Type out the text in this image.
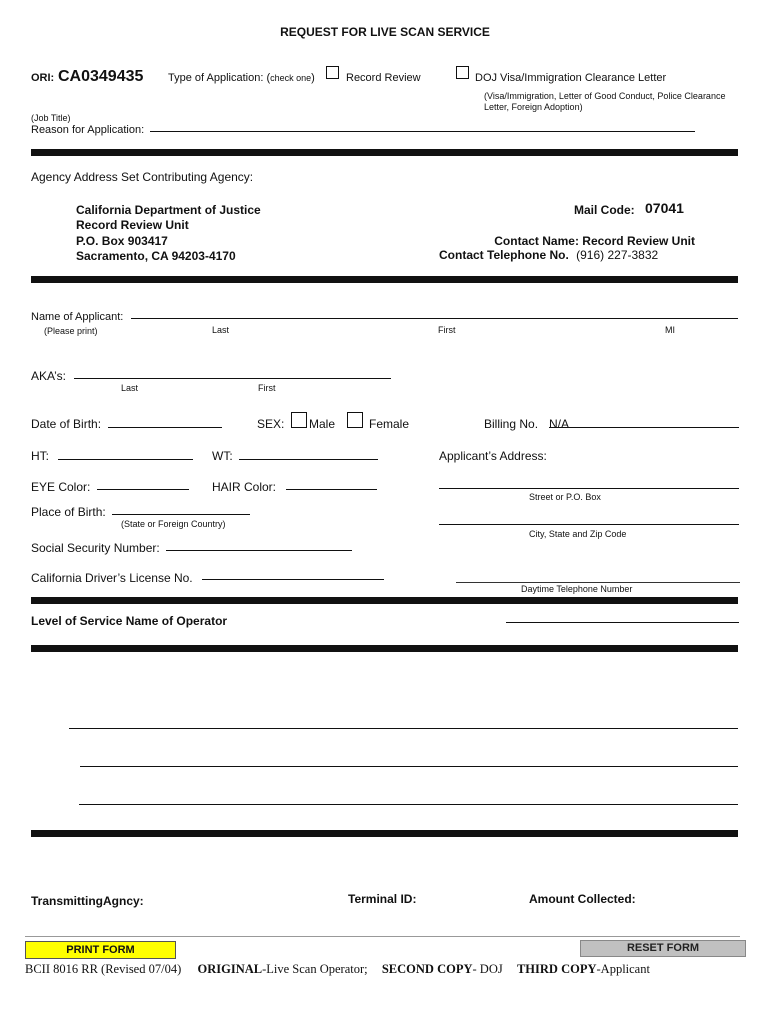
REQUEST FOR LIVE SCAN SERVICE
ORI: CA0349435 Type of Application: (check one)	Record Review	DOJ Visa/Immigration Clearance Letter
(Visa/Immigration, Letter of Good Conduct, Police Clearance
Letter, Foreign Adoption)
(Job Title)
Reason for Application:
Agency Address Set Contributing Agency:
California Department of Justice
Record Review Unit
P.O. Box 903417
Sacramento, CA 94203-4170
Mail Code: 07041
Contact Name: Record Review Unit
Contact Telephone No. (916) 227-3832
Name of Applicant:
(Please print)	Last	First	MI
AKA’s:
Last	First
Date of Birth:	SEX: Male	Female	Billing No. N/A
HT:	WT:	Applicant’s Address:
EYE Color:	HAIR Color:
Street or P.O. Box
Place of Birth:
(State or Foreign Country)
City, State and Zip Code
Social Security Number:
California Driver’s License No.
Daytime Telephone Number
Level of Service Name of Operator
TransmittingAgncy:	Terminal ID:	Amount Collected:
PRINT FORM	RESET FORM
BCII 8016 RR (Revised 07/04) ORIGINAL-Live Scan Operator; SECOND COPY- DOJ THIRD COPY-Applicant
